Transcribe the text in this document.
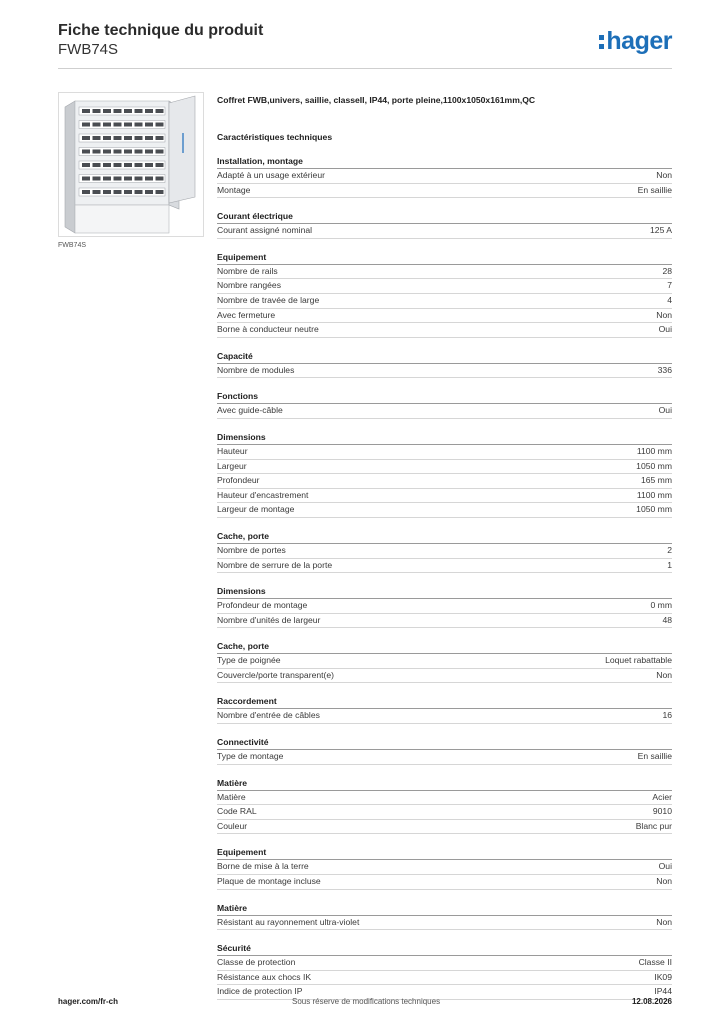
Fiche technique du produit
FWB74S	hager
FWB74S
Coffret FWB,univers, saillie, classeII, IP44, porte pleine,1100x1050x161mm,QC
Caractéristiques techniques
Installation, montage
Adapté à un usage extérieur	Non
Montage	En saillie
Courant électrique
Courant assigné nominal	125 A
Equipement
Nombre de rails	28
Nombre rangées	7
Nombre de travée de large	4
Avec fermeture	Non
Borne à conducteur neutre	Oui
Capacité
Nombre de modules	336
Fonctions
Avec guide-câble	Oui
Dimensions
Hauteur	1100 mm
Largeur	1050 mm
Profondeur	165 mm
Hauteur d'encastrement	1100 mm
Largeur de montage	1050 mm
Cache, porte
Nombre de portes	2
Nombre de serrure de la porte	1
Dimensions
Profondeur de montage	0 mm
Nombre d'unités de largeur	48
Cache, porte
Type de poignée	Loquet rabattable
Couvercle/porte transparent(e)	Non
Raccordement
Nombre d'entrée de câbles	16
Connectivité
Type de montage	En saillie
Matière
Matière	Acier
Code RAL	9010
Couleur	Blanc pur
Equipement
Borne de mise à la terre	Oui
Plaque de montage incluse	Non
Matière
Résistant au rayonnement ultra-violet	Non
Sécurité
Classe de protection	Classe II
Résistance aux chocs IK	IK09
Indice de protection IP	IP44
hager.com/fr-ch	Sous réserve de modifications techniques	12.08.2026
